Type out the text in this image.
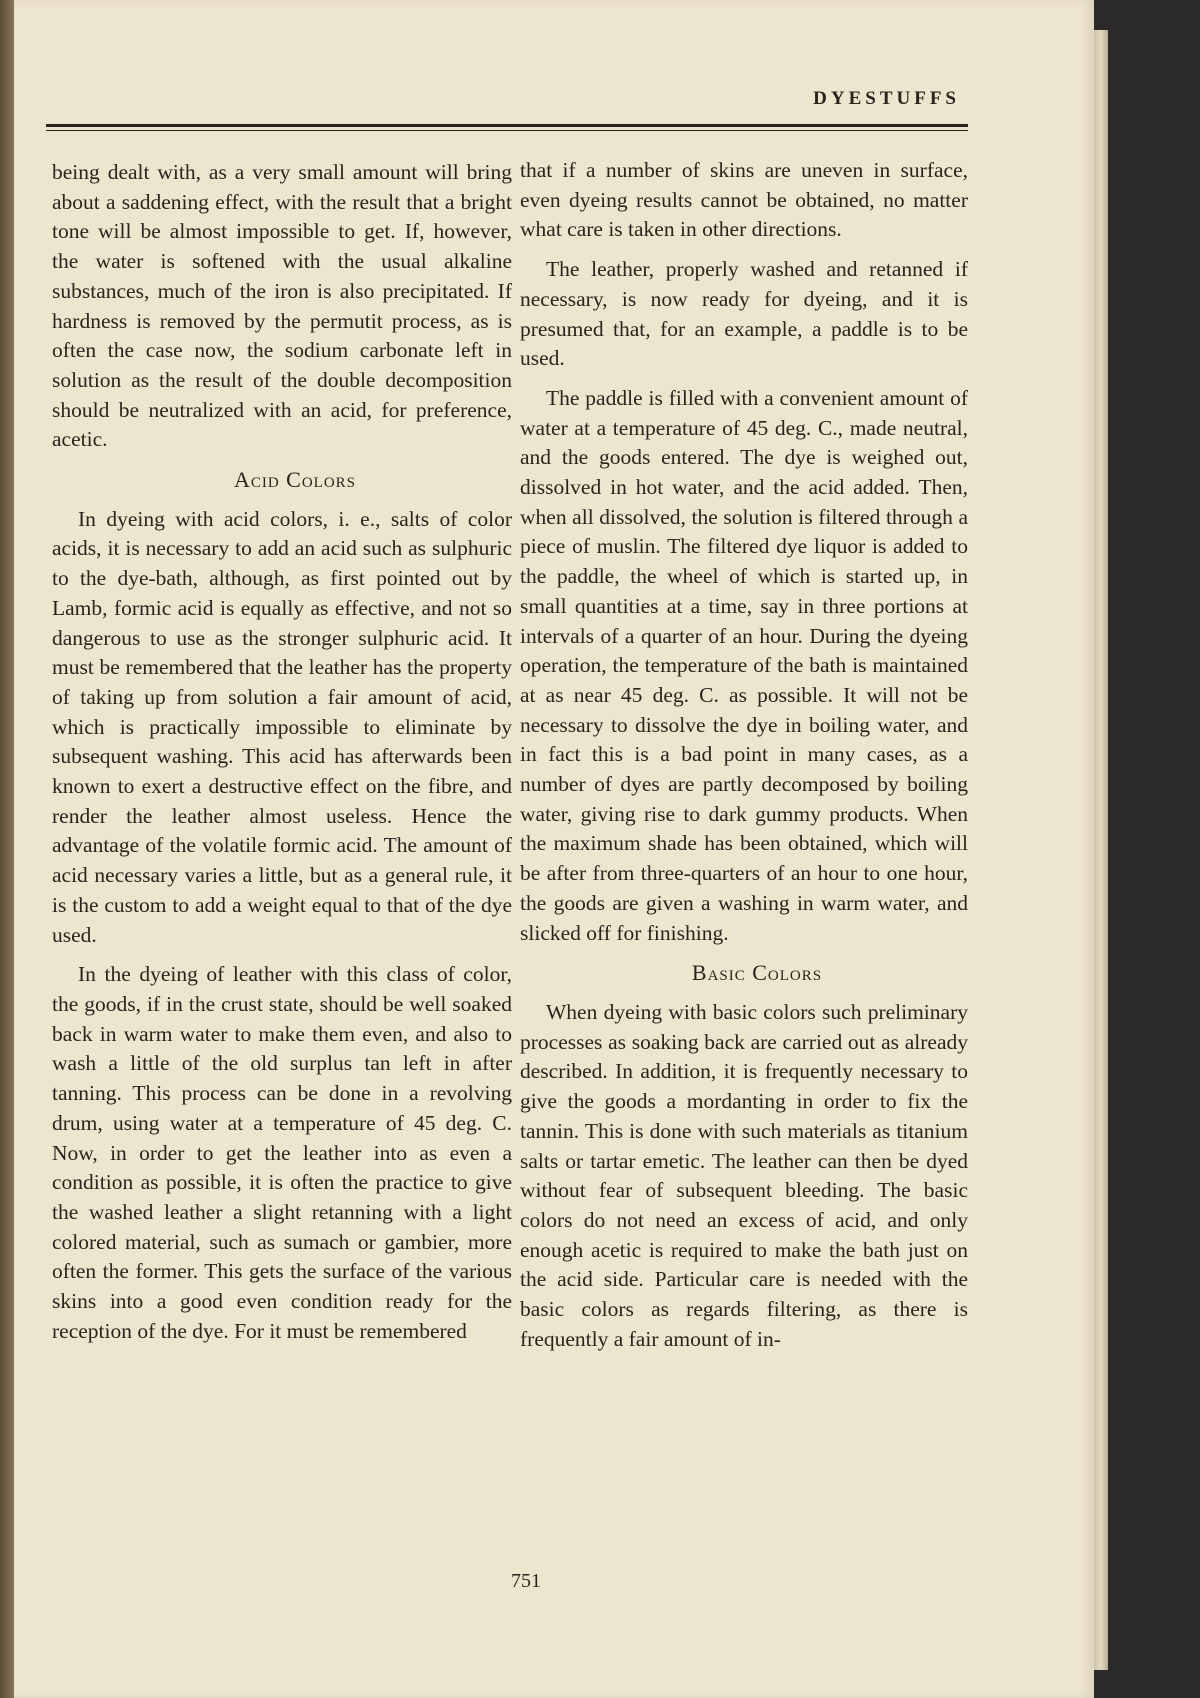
DYESTUFFS

being dealt with, as a very small amount will bring about a saddening effect, with the result that a bright tone will be almost impossible to get. If, however, the water is softened with the usual alkaline substances, much of the iron is also precipitated. If hardness is removed by the permutit process, as is often the case now, the sodium carbonate left in solution as the result of the double decomposition should be neutralized with an acid, for preference, acetic.

Acid Colors

In dyeing with acid colors, i. e., salts of color acids, it is necessary to add an acid such as sulphuric to the dye-bath, although, as first pointed out by Lamb, formic acid is equally as effective, and not so dangerous to use as the stronger sulphuric acid. It must be remembered that the leather has the property of taking up from solution a fair amount of acid, which is practically impossible to eliminate by subsequent washing. This acid has afterwards been known to exert a destructive effect on the fibre, and render the leather almost useless. Hence the advantage of the volatile formic acid. The amount of acid necessary varies a little, but as a general rule, it is the custom to add a weight equal to that of the dye used.

In the dyeing of leather with this class of color, the goods, if in the crust state, should be well soaked back in warm water to make them even, and also to wash a little of the old surplus tan left in after tanning. This process can be done in a revolving drum, using water at a temperature of 45 deg. C. Now, in order to get the leather into as even a condition as possible, it is often the practice to give the washed leather a slight retanning with a light colored material, such as sumach or gambier, more often the former. This gets the surface of the various skins into a good even condition ready for the reception of the dye. For it must be remembered

that if a number of skins are uneven in surface, even dyeing results cannot be obtained, no matter what care is taken in other directions.

The leather, properly washed and retanned if necessary, is now ready for dyeing, and it is presumed that, for an example, a paddle is to be used.

The paddle is filled with a convenient amount of water at a temperature of 45 deg. C., made neutral, and the goods entered. The dye is weighed out, dissolved in hot water, and the acid added. Then, when all dissolved, the solution is filtered through a piece of muslin. The filtered dye liquor is added to the paddle, the wheel of which is started up, in small quantities at a time, say in three portions at intervals of a quarter of an hour. During the dyeing operation, the temperature of the bath is maintained at as near 45 deg. C. as possible. It will not be necessary to dissolve the dye in boiling water, and in fact this is a bad point in many cases, as a number of dyes are partly decomposed by boiling water, giving rise to dark gummy products. When the maximum shade has been obtained, which will be after from three-quarters of an hour to one hour, the goods are given a washing in warm water, and slicked off for finishing.

Basic Colors

When dyeing with basic colors such preliminary processes as soaking back are carried out as already described. In addition, it is frequently necessary to give the goods a mordanting in order to fix the tannin. This is done with such materials as titanium salts or tartar emetic. The leather can then be dyed without fear of subsequent bleeding. The basic colors do not need an excess of acid, and only enough acetic is required to make the bath just on the acid side. Particular care is needed with the basic colors as regards filtering, as there is frequently a fair amount of in-

751
